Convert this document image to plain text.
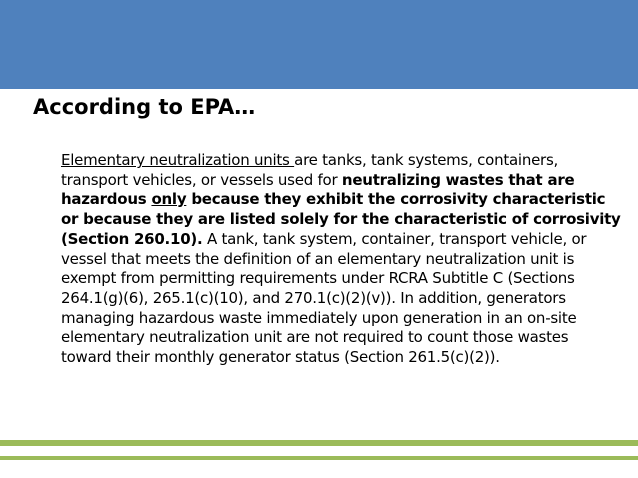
According to EPA…

Elementary neutralization units are tanks, tank systems, containers, transport vehicles, or vessels used for neutralizing wastes that are hazardous only because they exhibit the corrosivity characteristic or because they are listed solely for the characteristic of corrosivity (Section 260.10). A tank, tank system, container, transport vehicle, or vessel that meets the definition of an elementary neutralization unit is exempt from permitting requirements under RCRA Subtitle C (Sections 264.1(g)(6), 265.1(c)(10), and 270.1(c)(2)(v)). In addition, generators managing hazardous waste immediately upon generation in an on-site elementary neutralization unit are not required to count those wastes toward their monthly generator status (Section 261.5(c)(2)).
